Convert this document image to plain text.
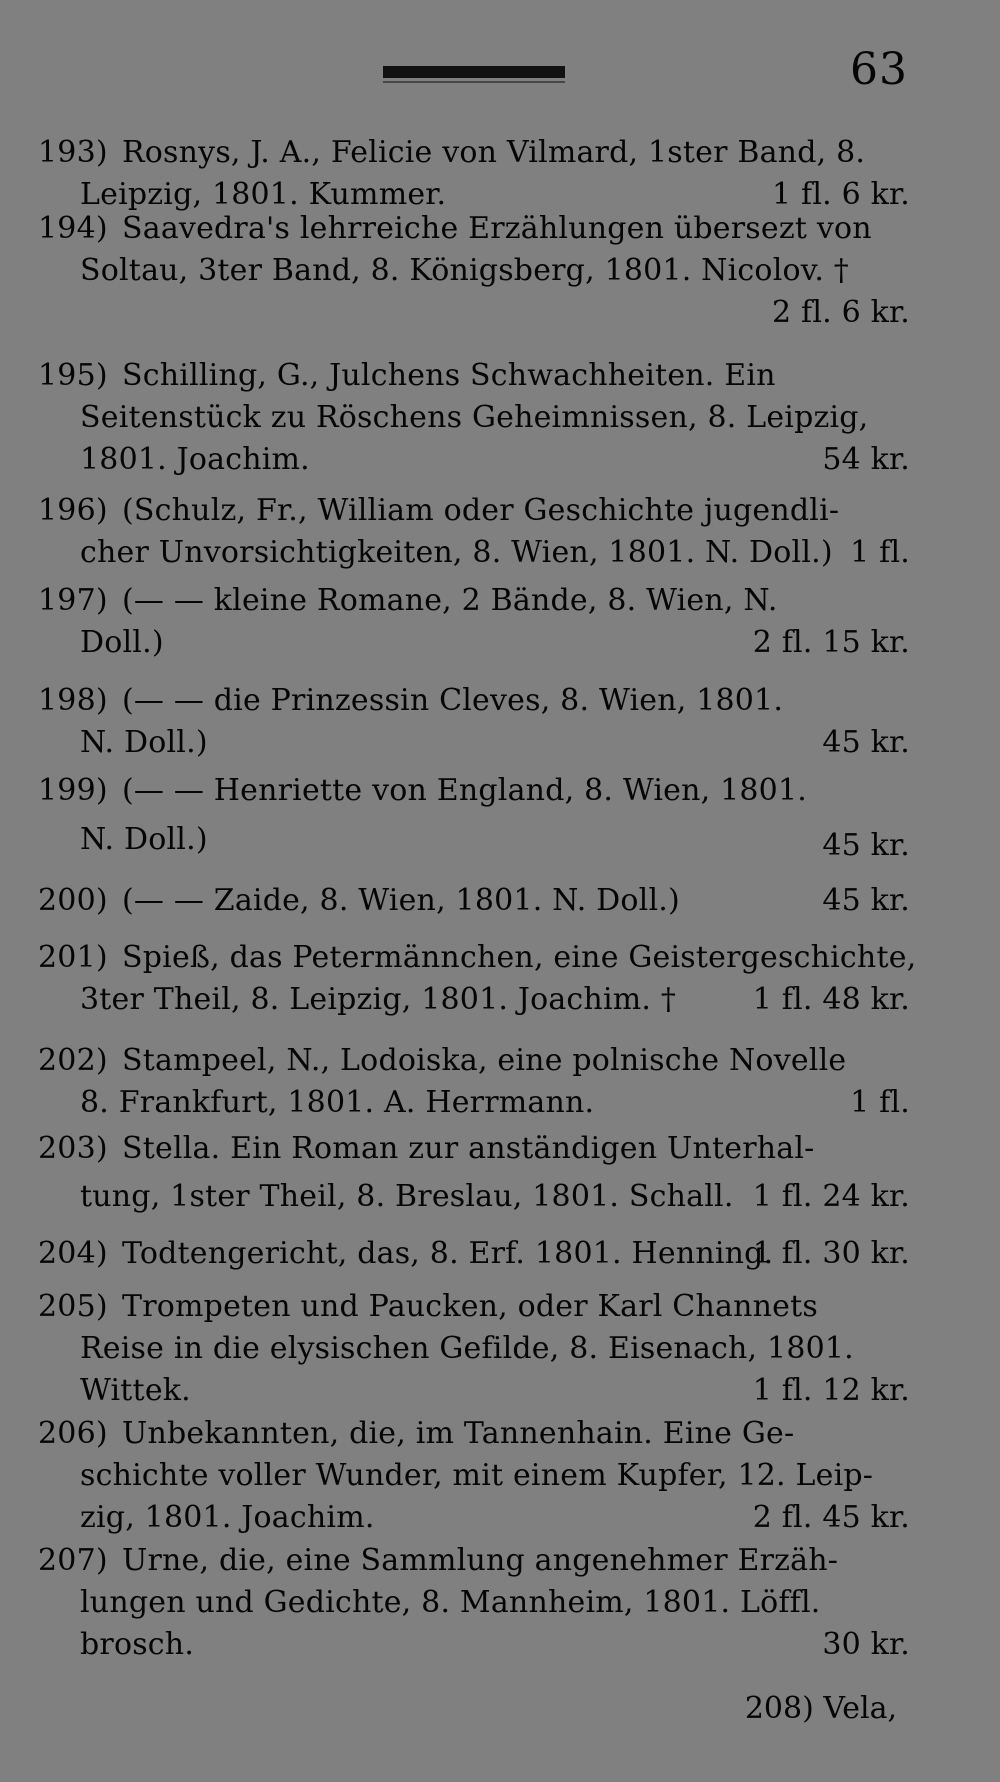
63
193) Rosnys, J. A., Felicie von Vilmard, 1ster Band, 8.
Leipzig, 1801. Kummer.	1 fl. 6 kr.
194) Saavedra's lehrreiche Erzählungen übersezt von
Soltau, 3ter Band, 8. Königsberg, 1801. Nicolov. †
2 fl. 6 kr.
195) Schilling, G., Julchens Schwachheiten. Ein
Seitenstück zu Röschens Geheimnissen, 8. Leipzig,
1801. Joachim.	54 kr.
196) (Schulz, Fr., William oder Geschichte jugendli-
cher Unvorsichtigkeiten, 8. Wien, 1801. N. Doll.) 1 fl.
197) (— — kleine Romane, 2 Bände, 8. Wien, N.
Doll.)	2 fl. 15 kr.
198) (— — die Prinzessin Cleves, 8. Wien, 1801.
N. Doll.)	45 kr.
199) (— — Henriette von England, 8. Wien, 1801.
N. Doll.)	45 kr.
200) (— — Zaide, 8. Wien, 1801. N. Doll.)	45 kr.
201) Spieß, das Petermännchen, eine Geistergeschichte,
3ter Theil, 8. Leipzig, 1801. Joachim. †	1 fl. 48 kr.
202) Stampeel, N., Lodoiska, eine polnische Novelle
8. Frankfurt, 1801. A. Herrmann.	1 fl.
203) Stella. Ein Roman zur anständigen Unterhal-
tung, 1ster Theil, 8. Breslau, 1801. Schall. 1 fl. 24 kr.
204) Todtengericht, das, 8. Erf. 1801. Henning.
1 fl. 30 kr.
205) Trompeten und Paucken, oder Karl Channets
Reise in die elysischen Gefilde, 8. Eisenach, 1801.
Wittek.	1 fl. 12 kr.
206) Unbekannten, die, im Tannenhain. Eine Ge-
schichte voller Wunder, mit einem Kupfer, 12. Leip-
zig, 1801. Joachim.	2 fl. 45 kr.
207) Urne, die, eine Sammlung angenehmer Erzäh-
lungen und Gedichte, 8. Mannheim, 1801. Löffl.
brosch.	30 kr.
208) Vela,
